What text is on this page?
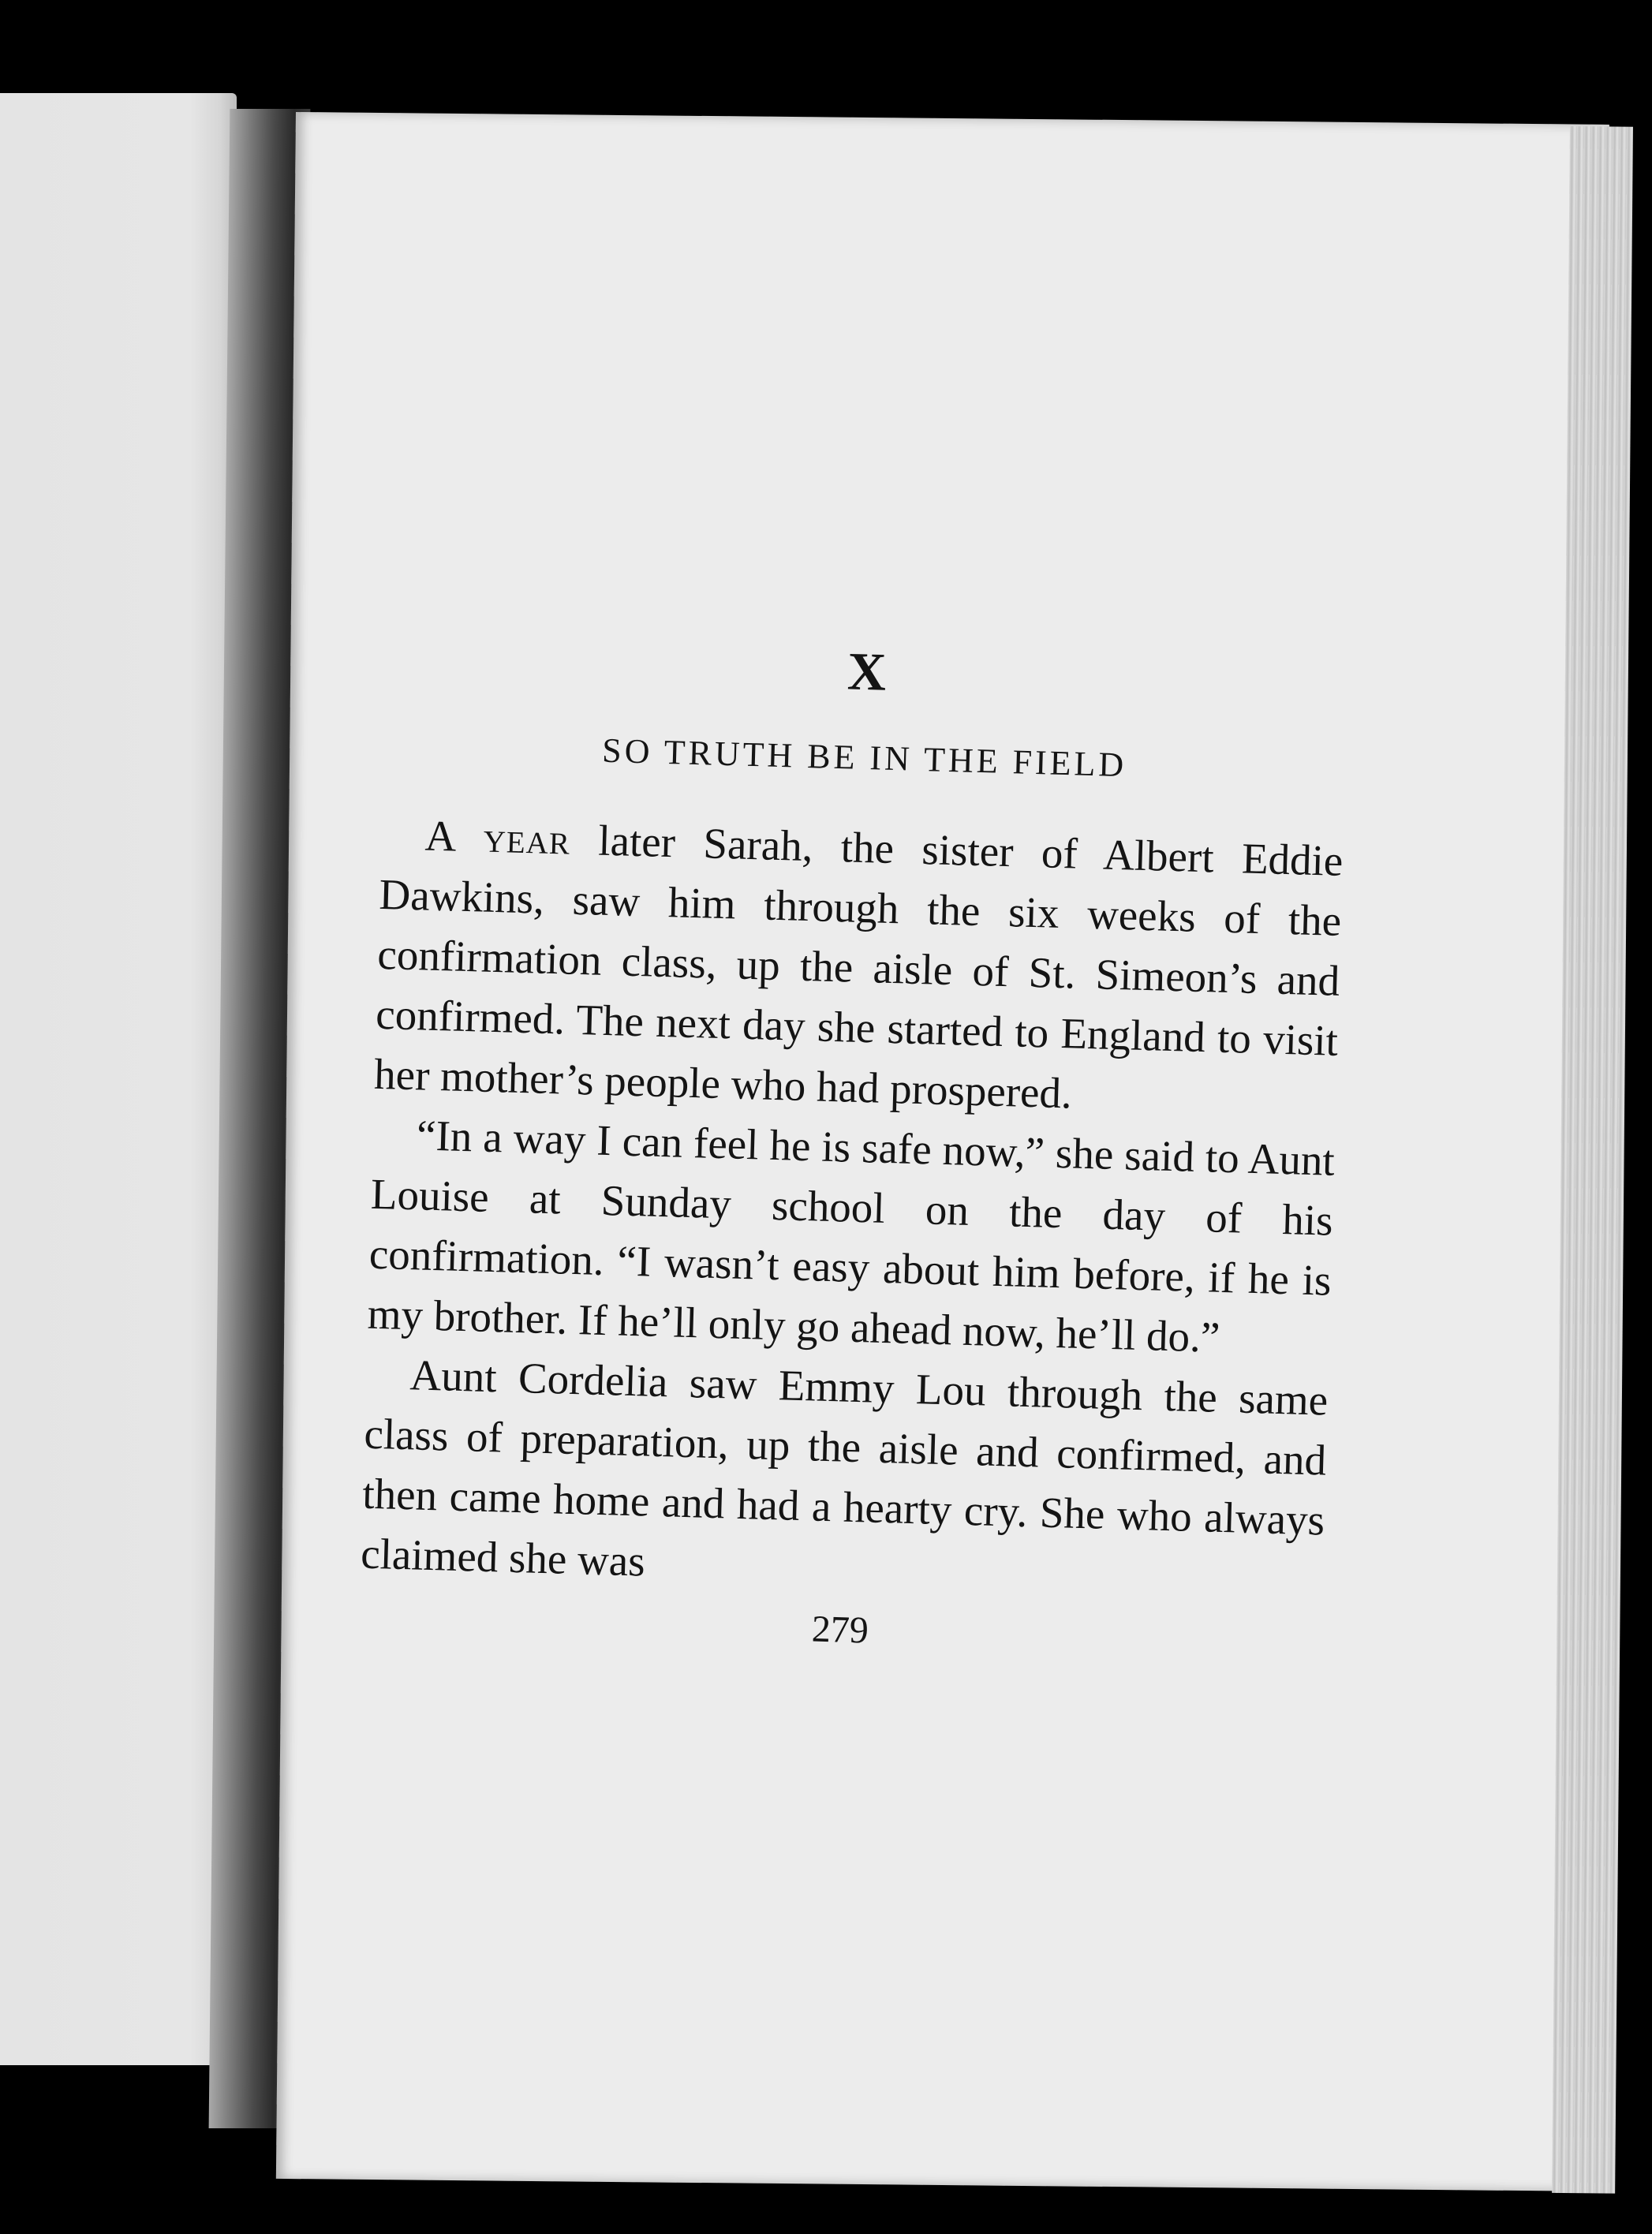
X
SO TRUTH BE IN THE FIELD

A year later Sarah, the sister of Albert Eddie Dawkins, saw him through the six weeks of the confirmation class, up the aisle of St. Simeon’s and confirmed. The next day she started to England to visit her mother’s people who had prospered.

“In a way I can feel he is safe now,” she said to Aunt Louise at Sunday school on the day of his confirmation. “I wasn’t easy about him before, if he is my brother. If he’ll only go ahead now, he’ll do.”

Aunt Cordelia saw Emmy Lou through the same class of preparation, up the aisle and confirmed, and then came home and had a hearty cry. She who always claimed she was

279
